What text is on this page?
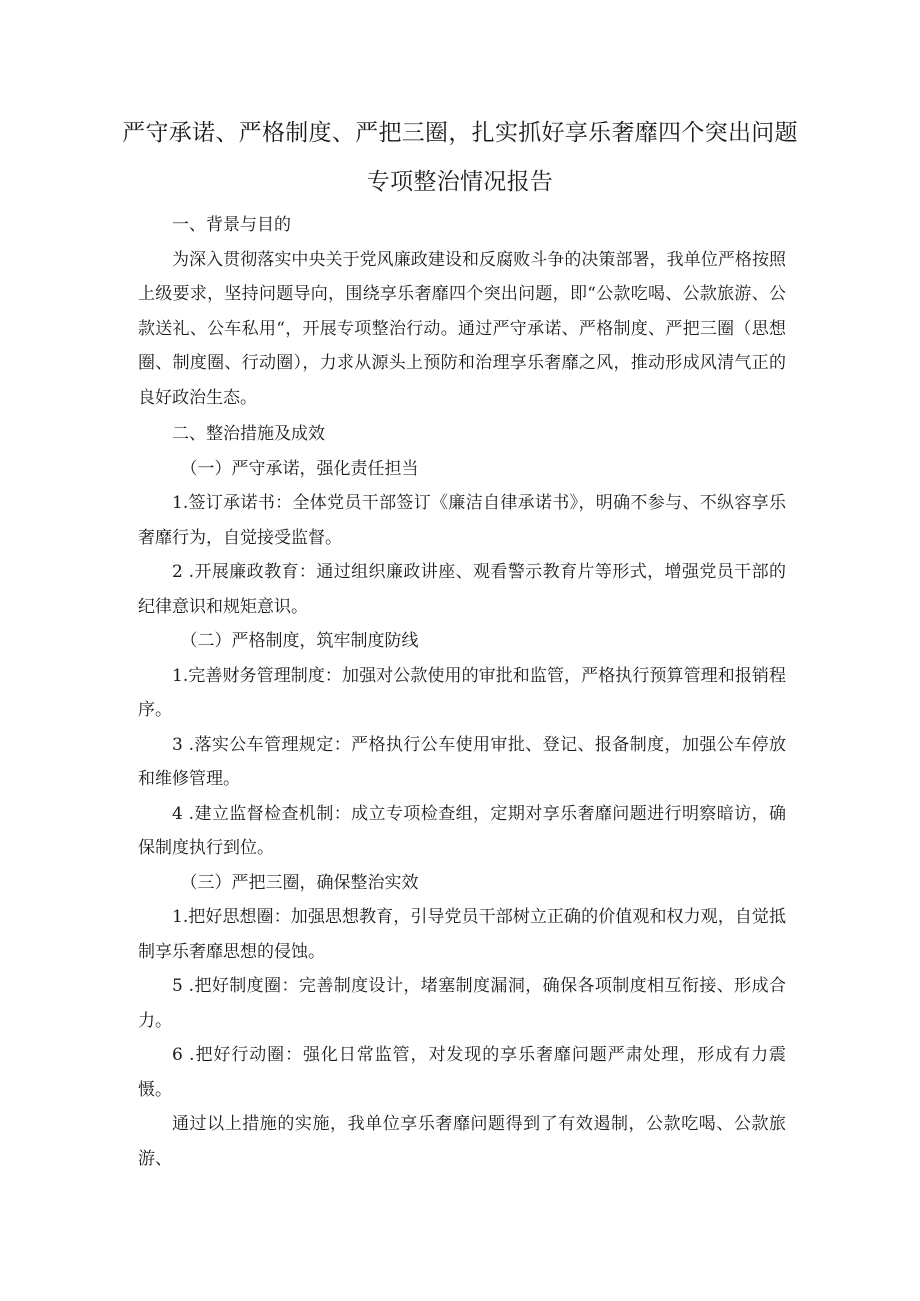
严守承诺、严格制度、严把三圈，扎实抓好享乐奢靡四个突出问题
专项整治情况报告

一、背景与目的

为深入贯彻落实中央关于党风廉政建设和反腐败斗争的决策部署，我单位严格按照上级要求，坚持问题导向，围绕享乐奢靡四个突出问题，即“公款吃喝、公款旅游、公款送礼、公车私用“，开展专项整治行动。通过严守承诺、严格制度、严把三圈（思想圈、制度圈、行动圈），力求从源头上预防和治理享乐奢靡之风，推动形成风清气正的良好政治生态。

二、整治措施及成效

（一）严守承诺，强化责任担当

1.签订承诺书：全体党员干部签订《廉洁自律承诺书》，明确不参与、不纵容享乐奢靡行为，自觉接受监督。

2 .开展廉政教育：通过组织廉政讲座、观看警示教育片等形式，增强党员干部的纪律意识和规矩意识。

（二）严格制度，筑牢制度防线

1.完善财务管理制度：加强对公款使用的审批和监管，严格执行预算管理和报销程序。

3 .落实公车管理规定：严格执行公车使用审批、登记、报备制度，加强公车停放和维修管理。

4 .建立监督检查机制：成立专项检查组，定期对享乐奢靡问题进行明察暗访，确保制度执行到位。

（三）严把三圈，确保整治实效

1.把好思想圈：加强思想教育，引导党员干部树立正确的价值观和权力观，自觉抵制享乐奢靡思想的侵蚀。

5 .把好制度圈：完善制度设计，堵塞制度漏洞，确保各项制度相互衔接、形成合力。

6 .把好行动圈：强化日常监管，对发现的享乐奢靡问题严肃处理，形成有力震慑。

通过以上措施的实施，我单位享乐奢靡问题得到了有效遏制，公款吃喝、公款旅游、
